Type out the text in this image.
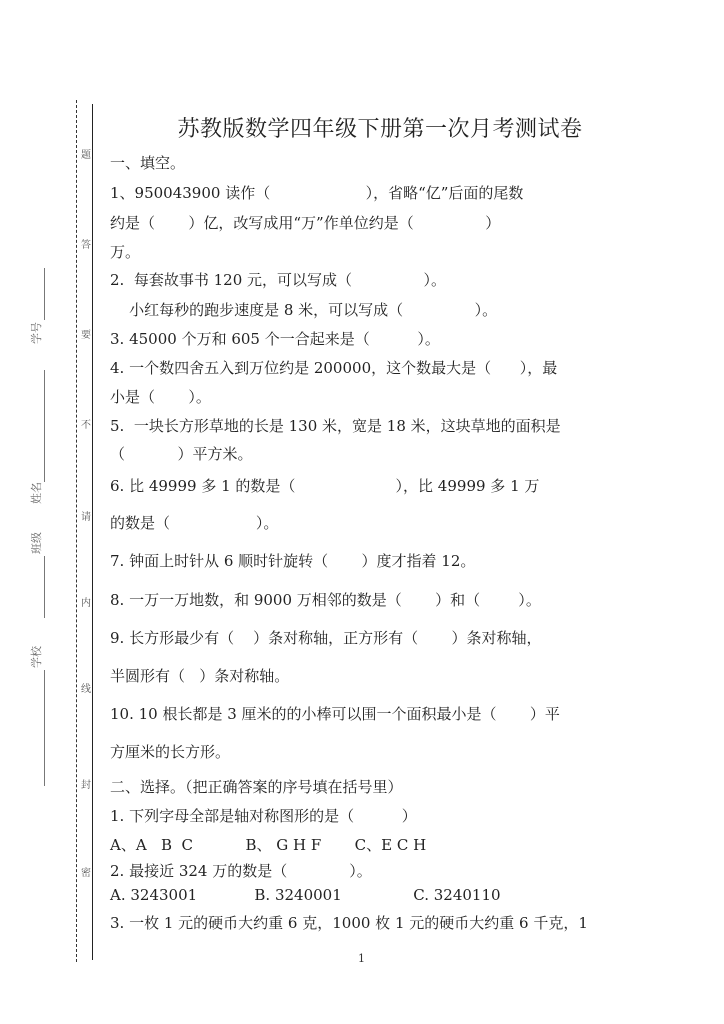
题
答
要
不
请
内
线
封
密
学号
姓名
班级
学校
苏教版数学四年级下册第一次月考测试卷
一、填空。
1、950043900 读作（                    ），省略“亿”后面的尾数
约是（       ）亿，改写成用“万”作单位约是（               ）
万。
2.  每套故事书 120 元，可以写成（               ）。
小红每秒的跑步速度是 8 米，可以写成（               ）。
3. 45000 个万和 605 个一合起来是（          ）。
4. 一个数四舍五入到万位约是 200000，这个数最大是（      ），最
小是（       ）。
5.  一块长方形草地的长是 130 米，宽是 18 米，这块草地的面积是
（           ）平方米。
6. 比 49999 多 1 的数是（                     ），比 49999 多 1 万
的数是（                  ）。
7. 钟面上时针从 6 顺时针旋转（       ）度才指着 12。
8. 一万一万地数，和 9000 万相邻的数是（       ）和（        ）。
9. 长方形最少有（    ）条对称轴，正方形有（       ）条对称轴，
半圆形有（   ）条对称轴。
10. 10 根长都是 3 厘米的的小棒可以围一个面积最小是（       ）平
方厘米的长方形。
二、选择。（把正确答案的序号填在括号里）
1. 下列字母全部是轴对称图形的是（          ）
A、A   B  C           B、 G H F       C、E C H
2. 最接近 324 万的数是（             ）。
A. 3243001            B. 3240001               C. 3240110
3. 一枚 1 元的硬币大约重 6 克，1000 枚 1 元的硬币大约重 6 千克，1
1
